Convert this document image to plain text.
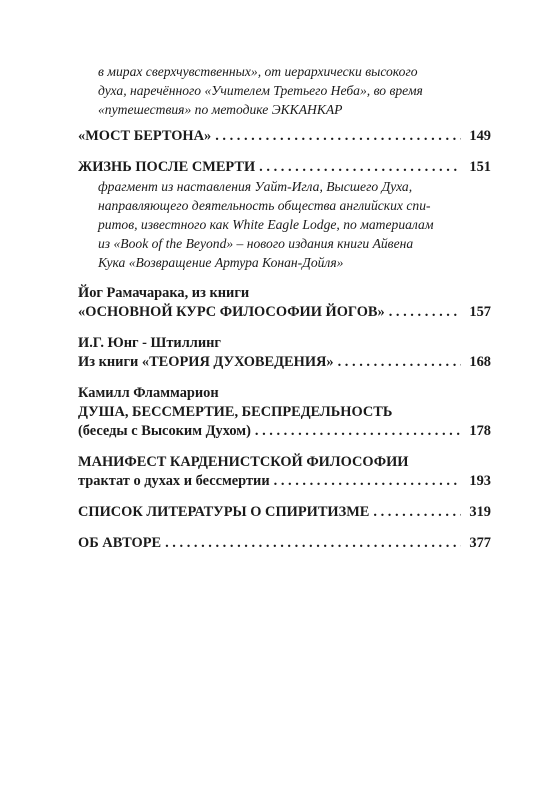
в мирах сверхчувственных», от иерархически высокого
духа, наречённого «Учителем Третьего Неба», во время
«путешествия» по методике ЭККАНКАР
«МОСТ БЕРТОНА» . . .	149
ЖИЗНЬ ПОСЛЕ СМЕРТИ . . .	151
фрагмент из наставления Уайт-Игла, Высшего Духа,
направляющего деятельность общества английских спи-
ритов, известного как White Eagle Lodge, по материалам
из «Book of the Beyond» – нового издания книги Айвена
Кука «Возвращение Артура Конан-Дойля»
Йог Рамачарака, из книги
«ОСНОВНОЙ КУРС ФИЛОСОФИИ ЙОГОВ» . . .	157
И.Г. Юнг - Штиллинг
Из книги «ТЕОРИЯ ДУХОВЕДЕНИЯ» . . .	168
Камилл Фламмарион
ДУША, БЕССМЕРТИЕ, БЕСПРЕДЕЛЬНОСТЬ
(беседы с Высоким Духом) . . .	178
МАНИФЕСТ КАРДЕНИСТСКОЙ ФИЛОСОФИИ
трактат о духах и бессмертии . . .	193
СПИСОК ЛИТЕРАТУРЫ О СПИРИТИЗМЕ . . .	319
ОБ АВТОРЕ . . .	377
